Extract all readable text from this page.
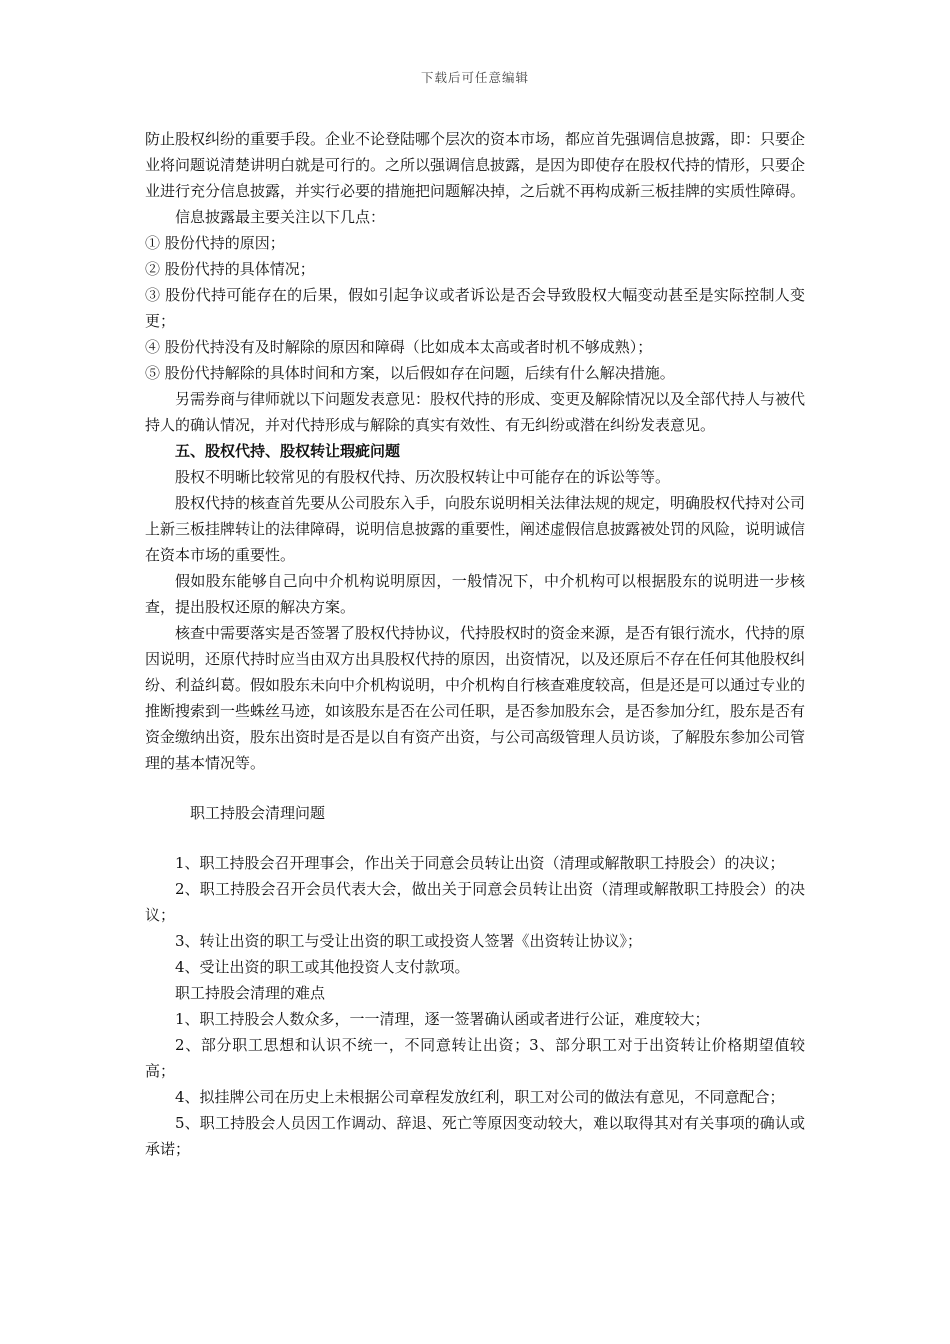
下载后可任意编辑

防止股权纠纷的重要手段。企业不论登陆哪个层次的资本市场，都应首先强调信息披露，即：只要企业将问题说清楚讲明白就是可行的。之所以强调信息披露，是因为即使存在股权代持的情形，只要企业进行充分信息披露，并实行必要的措施把问题解决掉，之后就不再构成新三板挂牌的实质性障碍。

信息披露最主要关注以下几点：

① 股份代持的原因；

② 股份代持的具体情况；

③ 股份代持可能存在的后果，假如引起争议或者诉讼是否会导致股权大幅变动甚至是实际控制人变更；

④ 股份代持没有及时解除的原因和障碍（比如成本太高或者时机不够成熟）；

⑤ 股份代持解除的具体时间和方案，以后假如存在问题，后续有什么解决措施。

另需券商与律师就以下问题发表意见：股权代持的形成、变更及解除情况以及全部代持人与被代持人的确认情况，并对代持形成与解除的真实有效性、有无纠纷或潜在纠纷发表意见。

五、股权代持、股权转让瑕疵问题

股权不明晰比较常见的有股权代持、历次股权转让中可能存在的诉讼等等。

股权代持的核查首先要从公司股东入手，向股东说明相关法律法规的规定，明确股权代持对公司上新三板挂牌转让的法律障碍，说明信息披露的重要性，阐述虚假信息披露被处罚的风险，说明诚信在资本市场的重要性。

假如股东能够自己向中介机构说明原因，一般情况下，中介机构可以根据股东的说明进一步核查，提出股权还原的解决方案。

核查中需要落实是否签署了股权代持协议，代持股权时的资金来源，是否有银行流水，代持的原因说明，还原代持时应当由双方出具股权代持的原因，出资情况，以及还原后不存在任何其他股权纠纷、利益纠葛。假如股东未向中介机构说明，中介机构自行核查难度较高，但是还是可以通过专业的推断搜索到一些蛛丝马迹，如该股东是否在公司任职，是否参加股东会，是否参加分红，股东是否有资金缴纳出资，股东出资时是否是以自有资产出资，与公司高级管理人员访谈，了解股东参加公司管理的基本情况等。

职工持股会清理问题

1、职工持股会召开理事会，作出关于同意会员转让出资（清理或解散职工持股会）的决议；

2、职工持股会召开会员代表大会，做出关于同意会员转让出资（清理或解散职工持股会）的决议；

3、转让出资的职工与受让出资的职工或投资人签署《出资转让协议》；

4、受让出资的职工或其他投资人支付款项。

职工持股会清理的难点

1、职工持股会人数众多，一一清理，逐一签署确认函或者进行公证，难度较大；

2、部分职工思想和认识不统一，不同意转让出资；3、部分职工对于出资转让价格期望值较高；

4、拟挂牌公司在历史上未根据公司章程发放红利，职工对公司的做法有意见，不同意配合；

5、职工持股会人员因工作调动、辞退、死亡等原因变动较大，难以取得其对有关事项的确认或承诺；
